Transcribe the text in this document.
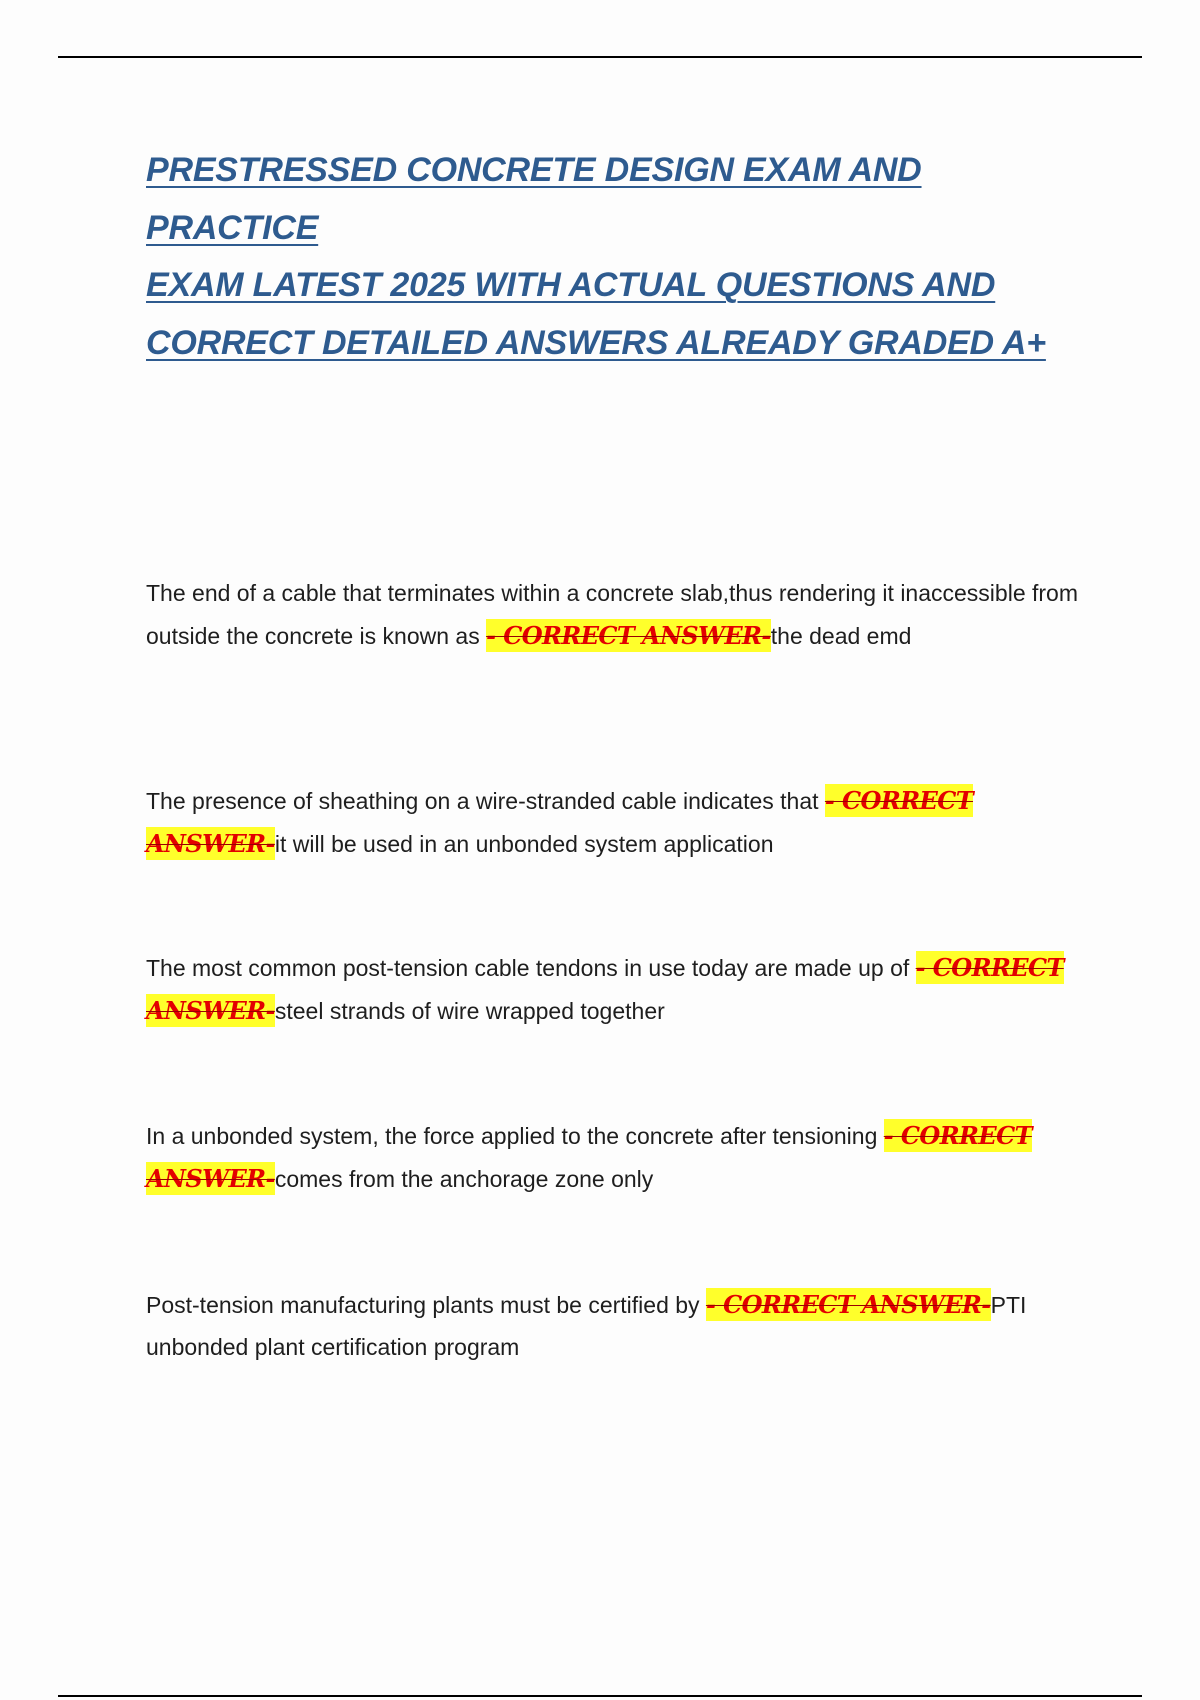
PRESTRESSED CONCRETE DESIGN EXAM AND PRACTICE
EXAM LATEST 2025 WITH ACTUAL QUESTIONS AND
CORRECT DETAILED ANSWERS ALREADY GRADED A+

The end of a cable that terminates within a concrete slab,thus rendering it inaccessible from outside the concrete is known as - CORRECT ANSWER-the dead emd

The presence of sheathing on a wire-stranded cable indicates that - CORRECT ANSWER-it will be used in an unbonded system application

The most common post-tension cable tendons in use today are made up of - CORRECT ANSWER-steel strands of wire wrapped together

In a unbonded system, the force applied to the concrete after tensioning - CORRECT ANSWER-comes from the anchorage zone only

Post-tension manufacturing plants must be certified by - CORRECT ANSWER-PTI unbonded plant certification program
